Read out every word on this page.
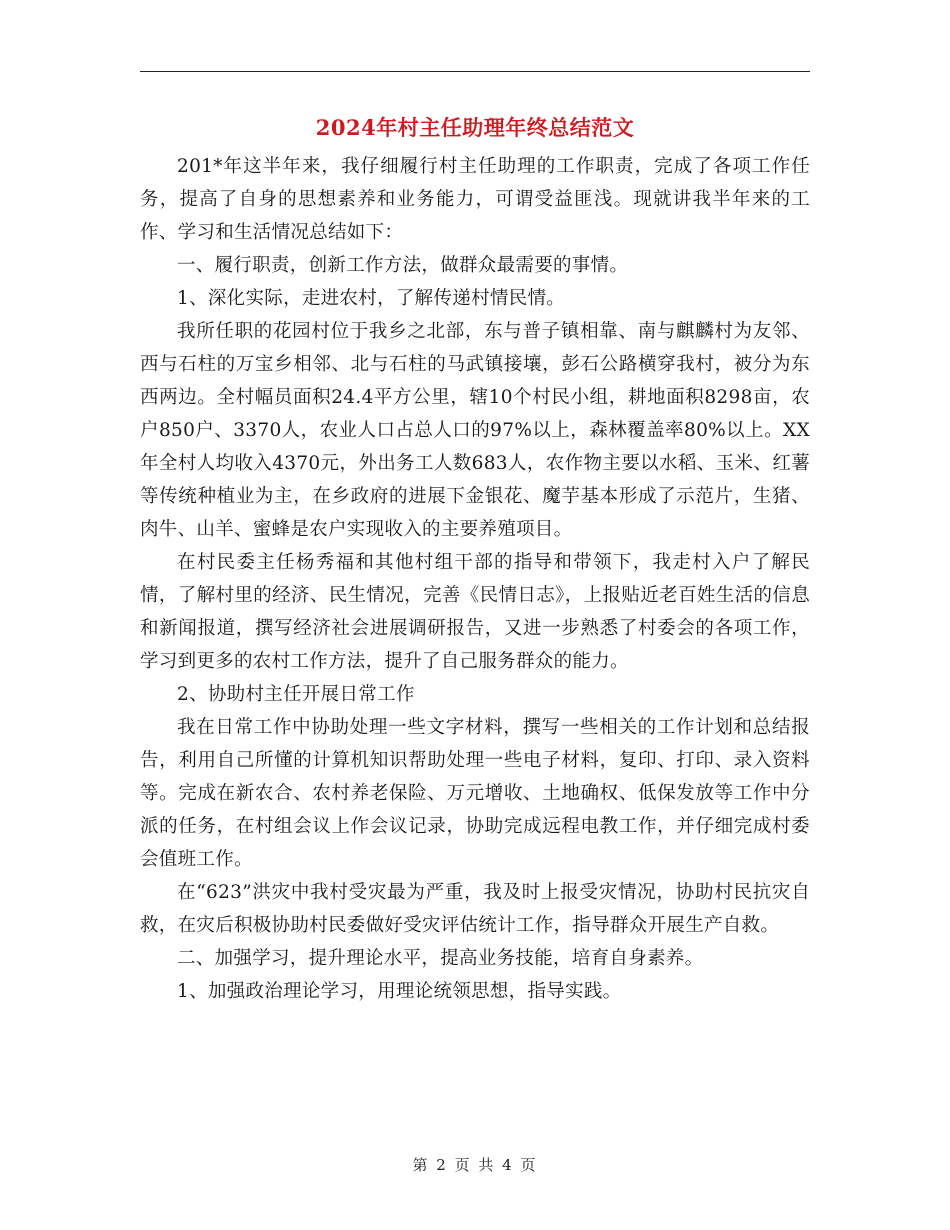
2024年村主任助理年终总结范文

201*年这半年来，我仔细履行村主任助理的工作职责，完成了各项工作任务，提高了自身的思想素养和业务能力，可谓受益匪浅。现就讲我半年来的工作、学习和生活情况总结如下：

一、履行职责，创新工作方法，做群众最需要的事情。

1、深化实际，走进农村，了解传递村情民情。

我所任职的花园村位于我乡之北部，东与普子镇相靠、南与麒麟村为友邻、西与石柱的万宝乡相邻、北与石柱的马武镇接壤，彭石公路横穿我村，被分为东西两边。全村幅员面积24.4平方公里，辖10个村民小组，耕地面积8298亩，农户850户、3370人，农业人口占总人口的97%以上，森林覆盖率80%以上。XX年全村人均收入4370元，外出务工人数683人，农作物主要以水稻、玉米、红薯等传统种植业为主，在乡政府的进展下金银花、魔芋基本形成了示范片，生猪、肉牛、山羊、蜜蜂是农户实现收入的主要养殖项目。

在村民委主任杨秀福和其他村组干部的指导和带领下，我走村入户了解民情，了解村里的经济、民生情况，完善《民情日志》，上报贴近老百姓生活的信息和新闻报道，撰写经济社会进展调研报告，又进一步熟悉了村委会的各项工作，学习到更多的农村工作方法，提升了自己服务群众的能力。

2、协助村主任开展日常工作

我在日常工作中协助处理一些文字材料，撰写一些相关的工作计划和总结报告，利用自己所懂的计算机知识帮助处理一些电子材料，复印、打印、录入资料等。完成在新农合、农村养老保险、万元增收、土地确权、低保发放等工作中分派的任务，在村组会议上作会议记录，协助完成远程电教工作，并仔细完成村委会值班工作。

在“623”洪灾中我村受灾最为严重，我及时上报受灾情况，协助村民抗灾自救，在灾后积极协助村民委做好受灾评估统计工作，指导群众开展生产自救。

二、加强学习，提升理论水平，提高业务技能，培育自身素养。

1、加强政治理论学习，用理论统领思想，指导实践。

第 2 页 共 4 页
